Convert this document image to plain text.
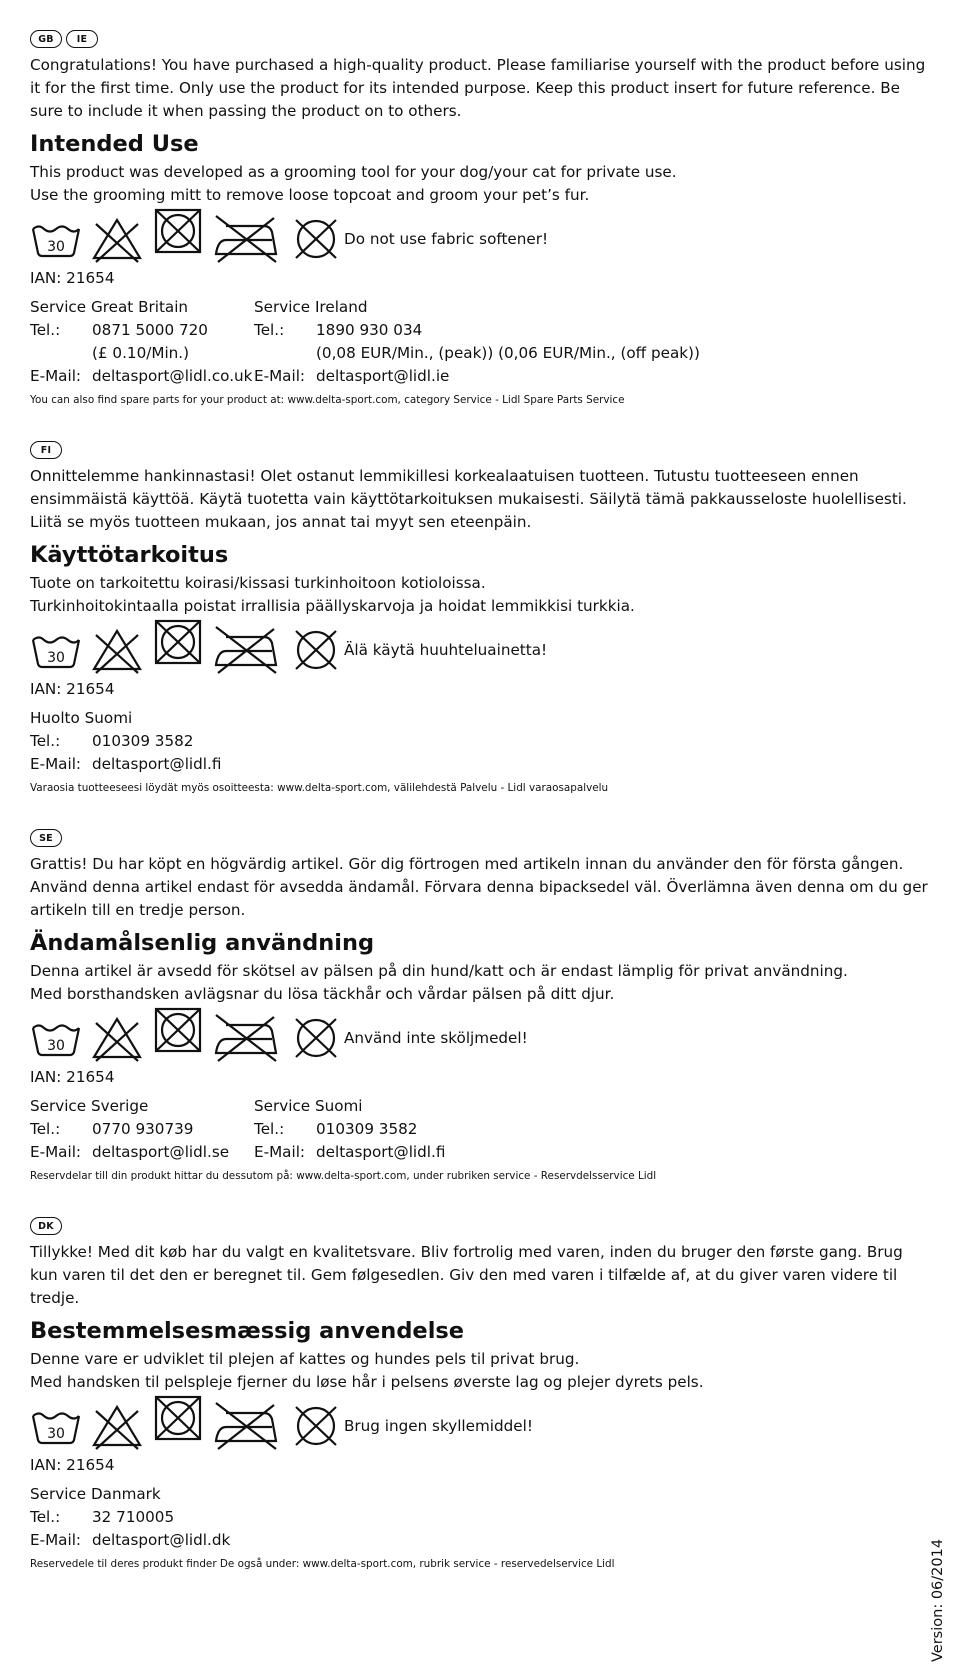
GB	IE

Congratulations! You have purchased a high-quality product. Please familiarise yourself with the product before using it for the first time. Only use the product for its intended purpose. Keep this product insert for future reference. Be sure to include it when passing the product on to others.

Intended Use

This product was developed as a grooming tool for your dog/your cat for private use.

Use the grooming mitt to remove loose topcoat and groom your pet’s fur.

30	Do not use fabric softener!
IAN: 21654
Service Great Britain
Tel.:	0871 5000 720
(£ 0.10/Min.)
E-Mail: deltasport@lidl.co.uk
Service Ireland
Tel.:	1890 930 034
(0,08 EUR/Min., (peak)) (0,06 EUR/Min., (off peak))
E-Mail: deltasport@lidl.ie
You can also find spare parts for your product at: www.delta-sport.com, category Service - Lidl Spare Parts Service
FI

Onnittelemme hankinnastasi! Olet ostanut lemmikillesi korkealaatuisen tuotteen. Tutustu tuotteeseen ennen ensimmäistä käyttöä. Käytä tuotetta vain käyttötarkoituksen mukaisesti. Säilytä tämä pakkausseloste huolellisesti. Liitä se myös tuotteen mukaan, jos annat tai myyt sen eteenpäin.

Käyttötarkoitus

Tuote on tarkoitettu koirasi/kissasi turkinhoitoon kotioloissa.

Turkinhoitokintaalla poistat irrallisia päällyskarvoja ja hoidat lemmikkisi turkkia.

30	Älä käytä huuhteluainetta!
IAN: 21654
Huolto Suomi
Tel.:	010309 3582
E-Mail: deltasport@lidl.fi
Varaosia tuotteeseesi löydät myös osoitteesta: www.delta-sport.com, välilehdestä Palvelu - Lidl varaosapalvelu
SE

Grattis! Du har köpt en högvärdig artikel. Gör dig förtrogen med artikeln innan du använder den för första gången. Använd denna artikel endast för avsedda ändamål. Förvara denna bipacksedel väl. Överlämna även denna om du ger artikeln till en tredje person.

Ändamålsenlig användning

Denna artikel är avsedd för skötsel av pälsen på din hund/katt och är endast lämplig för privat användning.

Med borsthandsken avlägsnar du lösa täckhår och vårdar pälsen på ditt djur.

30	Använd inte sköljmedel!
IAN: 21654
Service Sverige
Tel.:	0770 930739
E-Mail: deltasport@lidl.se
Service Suomi
Tel.:	010309 3582
E-Mail: deltasport@lidl.fi
Reservdelar till din produkt hittar du dessutom på: www.delta-sport.com, under rubriken service - Reservdelsservice Lidl
DK

Tillykke! Med dit køb har du valgt en kvalitetsvare. Bliv fortrolig med varen, inden du bruger den første gang. Brug kun varen til det den er beregnet til. Gem følgesedlen. Giv den med varen i tilfælde af, at du giver varen videre til tredje.

Bestemmelsesmæssig anvendelse

Denne vare er udviklet til plejen af kattes og hundes pels til privat brug.

Med handsken til pelspleje fjerner du løse hår i pelsens øverste lag og plejer dyrets pels.

30	Brug ingen skyllemiddel!
IAN: 21654
Service Danmark
Tel.:	32 710005
E-Mail: deltasport@lidl.dk
Reservedele til deres produkt finder De også under: www.delta-sport.com, rubrik service - reservedelservice Lidl	Version: 06/2014
